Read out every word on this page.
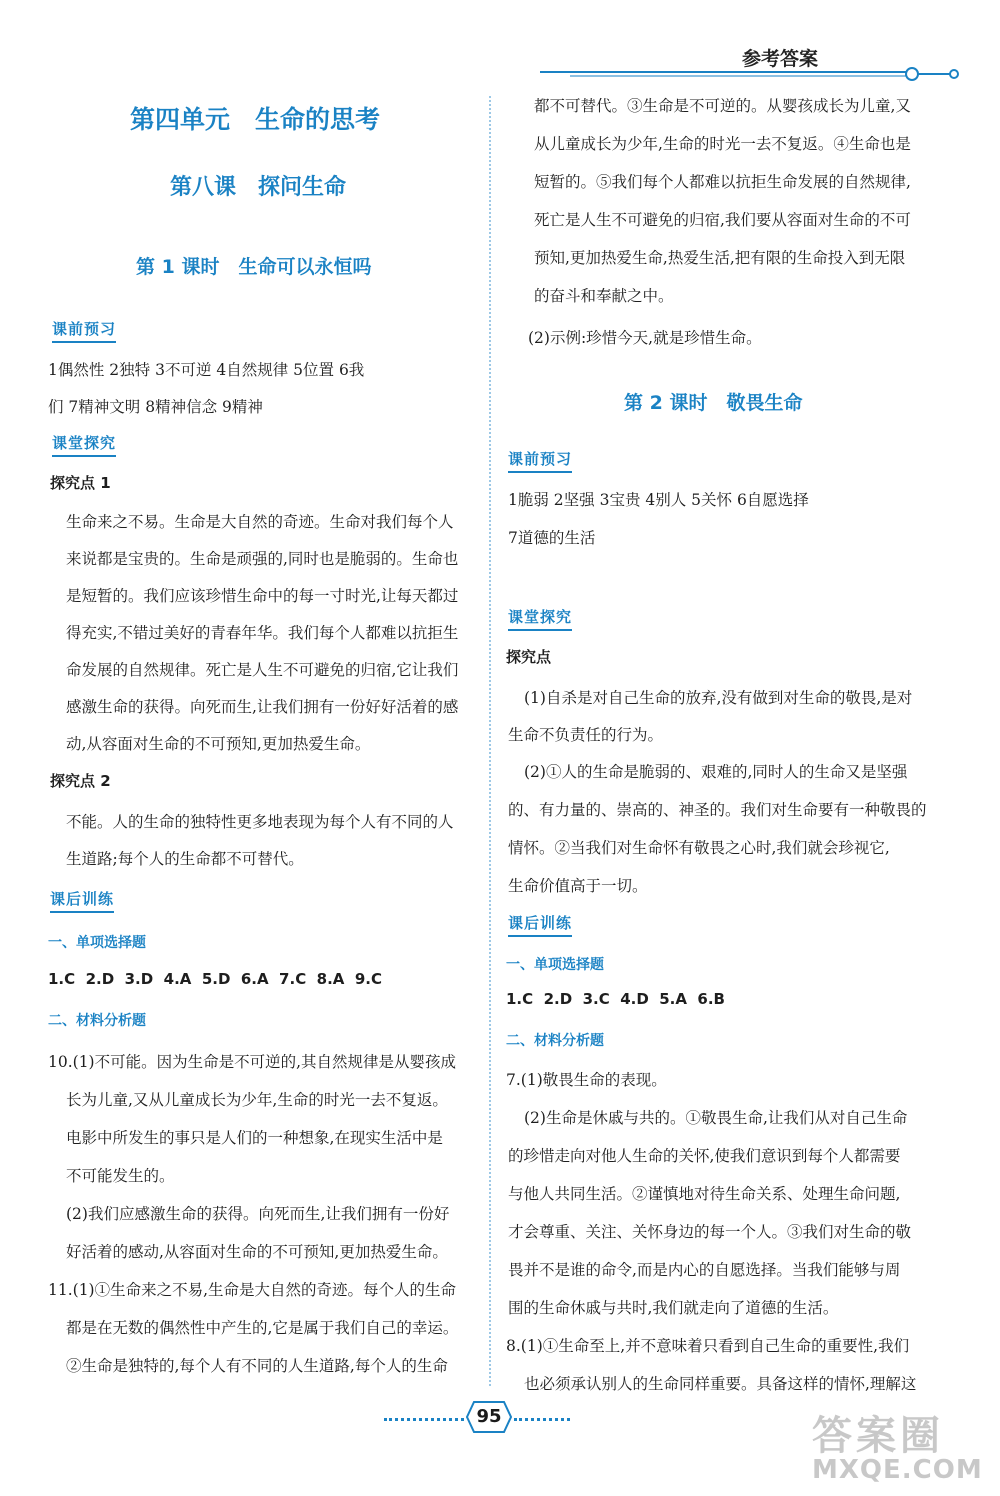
参考答案
第四单元　生命的思考
第八课　探问生命
第 1 课时　生命可以永恒吗
课前预习
1偶然性 2独特 3不可逆 4自然规律 5位置 6我
们 7精神文明 8精神信念 9精神
课堂探究
探究点 1
生命来之不易。生命是大自然的奇迹。生命对我们每个人
来说都是宝贵的。生命是顽强的,同时也是脆弱的。生命也
是短暂的。我们应该珍惜生命中的每一寸时光,让每天都过
得充实,不错过美好的青春年华。我们每个人都难以抗拒生
命发展的自然规律。死亡是人生不可避免的归宿,它让我们
感激生命的获得。向死而生,让我们拥有一份好好活着的感
动,从容面对生命的不可预知,更加热爱生命。
探究点 2
不能。人的生命的独特性更多地表现为每个人有不同的人
生道路;每个人的生命都不可替代。
课后训练
一、单项选择题
1.C  2.D  3.D  4.A  5.D  6.A  7.C  8.A  9.C
二、材料分析题
10.(1)不可能。因为生命是不可逆的,其自然规律是从婴孩成
长为儿童,又从儿童成长为少年,生命的时光一去不复返。
电影中所发生的事只是人们的一种想象,在现实生活中是
不可能发生的。
(2)我们应感激生命的获得。向死而生,让我们拥有一份好
好活着的感动,从容面对生命的不可预知,更加热爱生命。
11.(1)①生命来之不易,生命是大自然的奇迹。每个人的生命
都是在无数的偶然性中产生的,它是属于我们自己的幸运。
②生命是独特的,每个人有不同的人生道路,每个人的生命
都不可替代。③生命是不可逆的。从婴孩成长为儿童,又
从儿童成长为少年,生命的时光一去不复返。④生命也是
短暂的。⑤我们每个人都难以抗拒生命发展的自然规律,
死亡是人生不可避免的归宿,我们要从容面对生命的不可
预知,更加热爱生命,热爱生活,把有限的生命投入到无限
的奋斗和奉献之中。
(2)示例:珍惜今天,就是珍惜生命。
第 2 课时　敬畏生命
课前预习
1脆弱 2坚强 3宝贵 4别人 5关怀 6自愿选择
7道德的生活
课堂探究
探究点
(1)自杀是对自己生命的放弃,没有做到对生命的敬畏,是对
生命不负责任的行为。
(2)①人的生命是脆弱的、艰难的,同时人的生命又是坚强
的、有力量的、崇高的、神圣的。我们对生命要有一种敬畏的
情怀。②当我们对生命怀有敬畏之心时,我们就会珍视它,
生命价值高于一切。
课后训练
一、单项选择题
1.C  2.D  3.C  4.D  5.A  6.B
二、材料分析题
7.(1)敬畏生命的表现。
(2)生命是休戚与共的。①敬畏生命,让我们从对自己生命
的珍惜走向对他人生命的关怀,使我们意识到每个人都需要
与他人共同生活。②谨慎地对待生命关系、处理生命问题,
才会尊重、关注、关怀身边的每一个人。③我们对生命的敬
畏并不是谁的命令,而是内心的自愿选择。当我们能够与周
围的生命休戚与共时,我们就走向了道德的生活。
8.(1)①生命至上,并不意味着只看到自己生命的重要性,我们
也必须承认别人的生命同样重要。具备这样的情怀,理解这
95	答案圈
MXQE.COM
